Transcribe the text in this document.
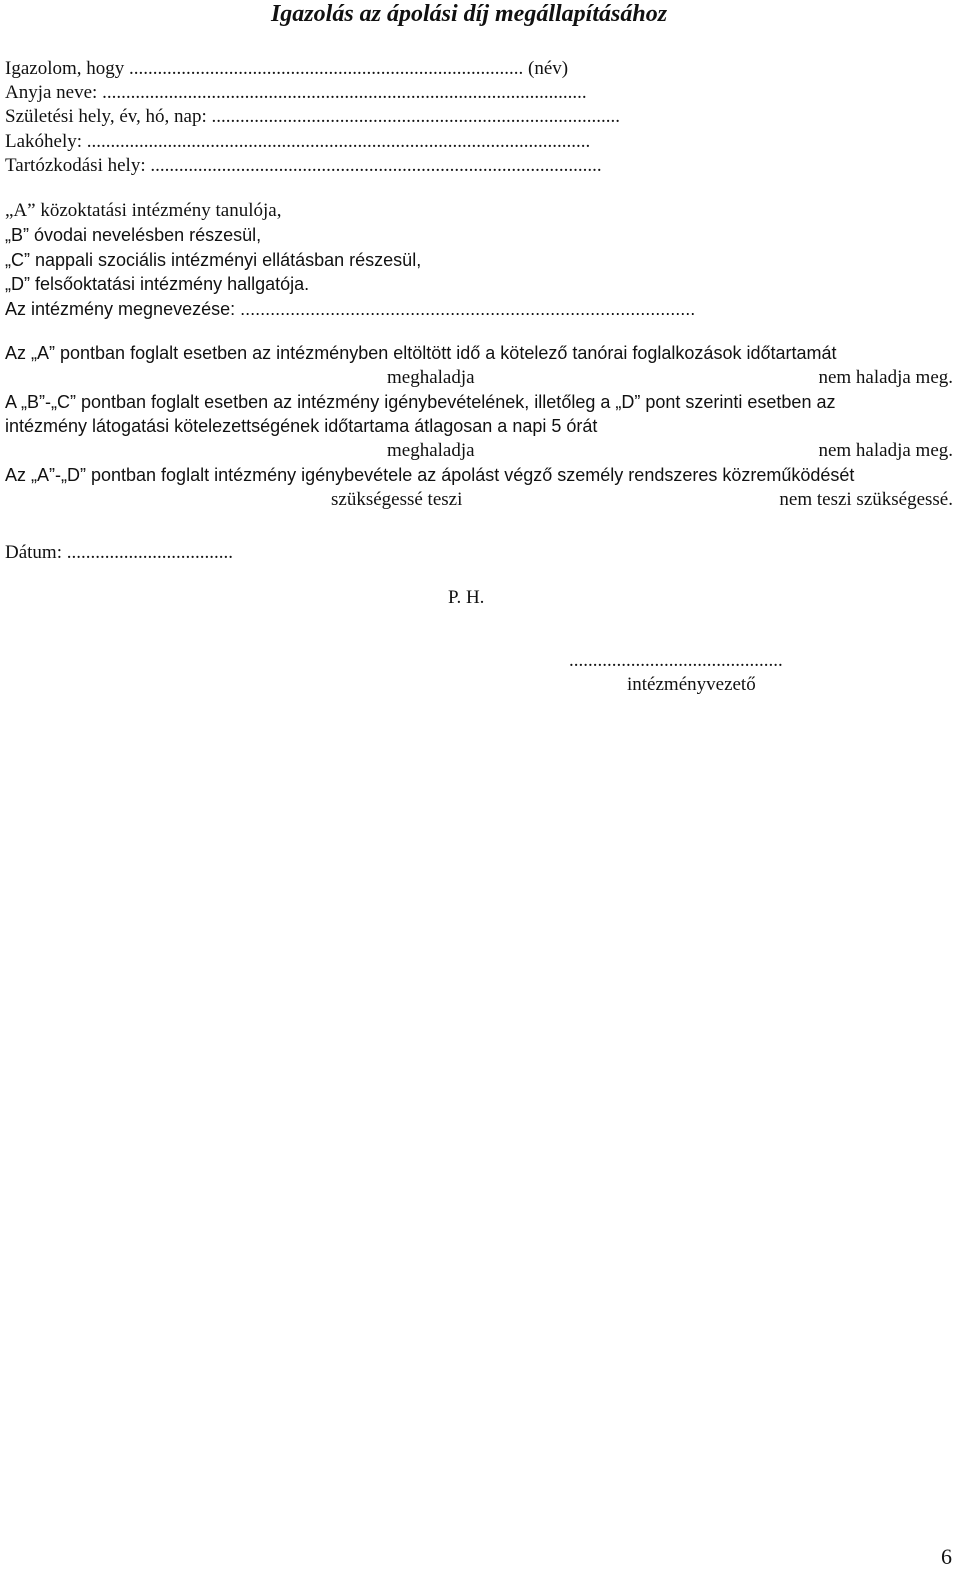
Igazolás az ápolási díj megállapításához
Igazolom, hogy ................................................................................... (név)
Anyja neve: ......................................................................................................
Születési hely, év, hó, nap: ......................................................................................
Lakóhely: ..........................................................................................................
Tartózkodási hely: ...............................................................................................
„A” közoktatási intézmény tanulója,
„B” óvodai nevelésben részesül,
„C” nappali szociális intézményi ellátásban részesül,
„D” felsőoktatási intézmény hallgatója.
Az intézmény megnevezése: ...........................................................................................
Az „A” pontban foglalt esetben az intézményben eltöltött idő a kötelező tanórai foglalkozások időtartamát
meghaladja	nem haladja meg.
A „B”-„C” pontban foglalt esetben az intézmény igénybevételének, illetőleg a „D” pont szerinti esetben az
intézmény látogatási kötelezettségének időtartama átlagosan a napi 5 órát
meghaladja	nem haladja meg.
Az „A”-„D” pontban foglalt intézmény igénybevétele az ápolást végző személy rendszeres közreműködését
szükségessé teszi	nem teszi szükségessé.
Dátum: ...................................
P. H.
.............................................
intézményvezető
6
